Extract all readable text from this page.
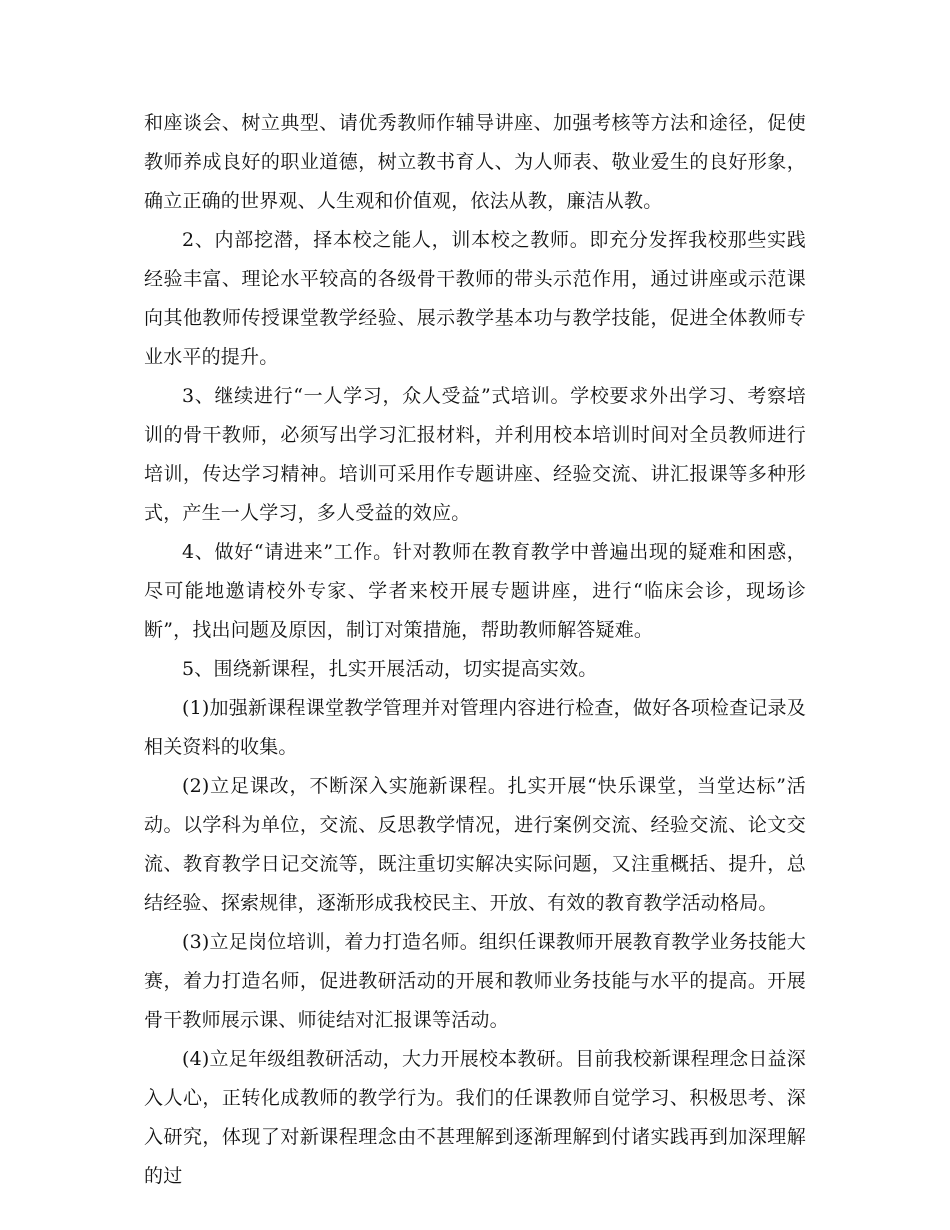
和座谈会、树立典型、请优秀教师作辅导讲座、加强考核等方法和途径，促使教师养成良好的职业道德，树立教书育人、为人师表、敬业爱生的良好形象，确立正确的世界观、人生观和价值观，依法从教，廉洁从教。

2、内部挖潜，择本校之能人，训本校之教师。即充分发挥我校那些实践经验丰富、理论水平较高的各级骨干教师的带头示范作用，通过讲座或示范课向其他教师传授课堂教学经验、展示教学基本功与教学技能，促进全体教师专业水平的提升。

3、继续进行“一人学习，众人受益”式培训。学校要求外出学习、考察培训的骨干教师，必须写出学习汇报材料，并利用校本培训时间对全员教师进行培训，传达学习精神。培训可采用作专题讲座、经验交流、讲汇报课等多种形式，产生一人学习，多人受益的效应。

4、做好“请进来”工作。针对教师在教育教学中普遍出现的疑难和困惑，尽可能地邀请校外专家、学者来校开展专题讲座，进行“临床会诊，现场诊断”，找出问题及原因，制订对策措施，帮助教师解答疑难。

5、围绕新课程，扎实开展活动，切实提高实效。

(1)加强新课程课堂教学管理并对管理内容进行检查，做好各项检查记录及相关资料的收集。

(2)立足课改，不断深入实施新课程。扎实开展“快乐课堂，当堂达标”活动。以学科为单位，交流、反思教学情况，进行案例交流、经验交流、论文交流、教育教学日记交流等，既注重切实解决实际问题，又注重概括、提升，总结经验、探索规律，逐渐形成我校民主、开放、有效的教育教学活动格局。

(3)立足岗位培训，着力打造名师。组织任课教师开展教育教学业务技能大赛，着力打造名师，促进教研活动的开展和教师业务技能与水平的提高。开展骨干教师展示课、师徒结对汇报课等活动。

(4)立足年级组教研活动，大力开展校本教研。目前我校新课程理念日益深入人心，正转化成教师的教学行为。我们的任课教师自觉学习、积极思考、深入研究，体现了对新课程理念由不甚理解到逐渐理解到付诸实践再到加深理解的过
